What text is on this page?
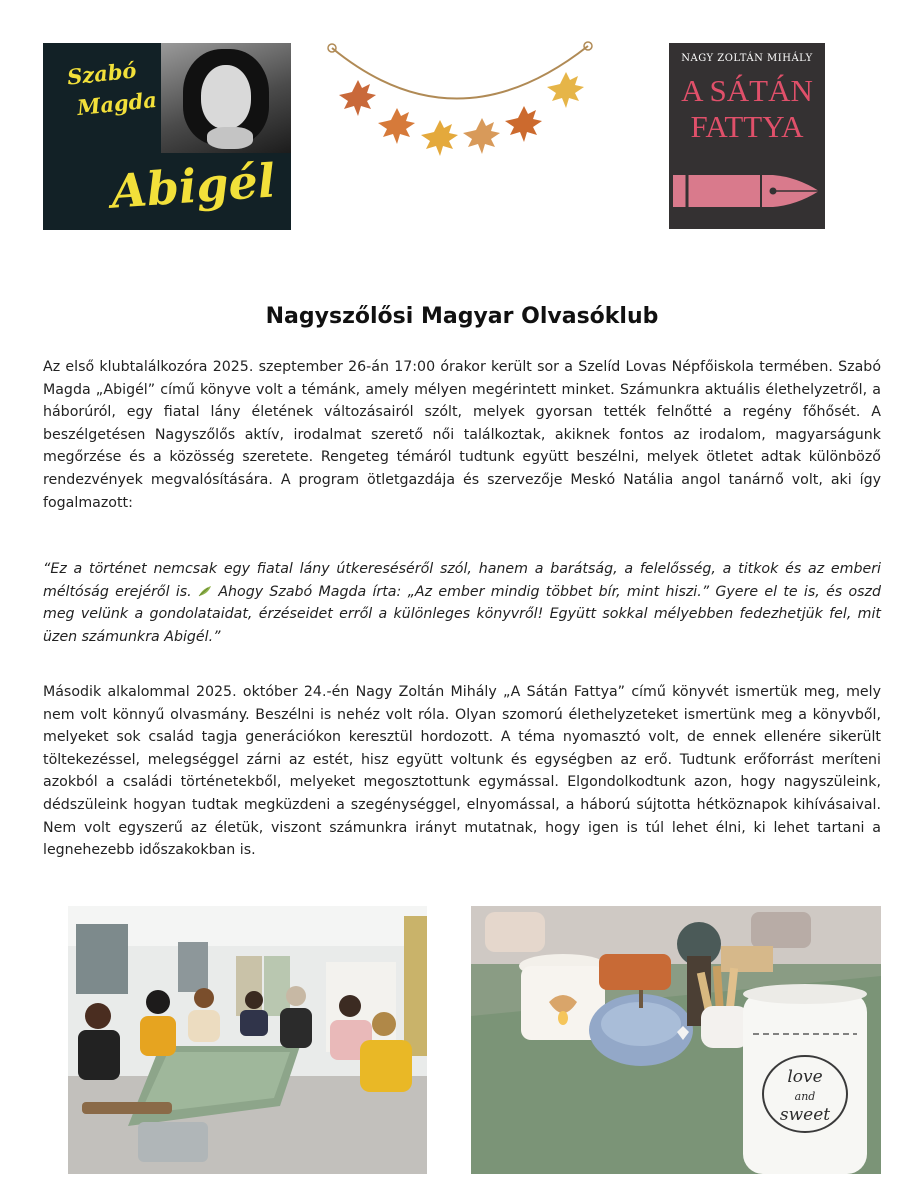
Szabó
Magda
Abigél
NAGY ZOLTÁN MIHÁLY
A SÁTÁN
FATTYA
Nagyszőlősi Magyar Olvasóklub

Az első klubtalálkozóra 2025. szeptember 26-án 17:00 órakor került sor a Szelíd Lovas Népfőiskola termében. Szabó Magda „Abigél” című könyve volt a témánk, amely mélyen megérintett minket. Számunkra aktuális élethelyzetről, a háborúról, egy fiatal lány életének változásairól szólt, melyek gyorsan tették felnőtté a regény főhősét. A beszélgetésen Nagyszőlős aktív, irodalmat szerető női találkoztak, akiknek fontos az irodalom, magyarságunk megőrzése és a közösség szeretete. Rengeteg témáról tudtunk együtt beszélni, melyek ötletet adtak különböző rendezvények megvalósítására. A program ötletgazdája és szervezője Meskó Natália angol tanárnő volt, aki így fogalmazott:

“Ez a történet nemcsak egy fiatal lány útkereséséről szól, hanem a barátság, a felelősség, a titkok és az emberi méltóság erejéről is. Ahogy Szabó Magda írta: „Az ember mindig többet bír, mint hiszi.” Gyere el te is, és oszd meg velünk a gondolataidat, érzéseidet erről a különleges könyvről! Együtt sokkal mélyebben fedezhetjük fel, mit üzen számunkra Abigél.”

Második alkalommal 2025. október 24.-én Nagy Zoltán Mihály „A Sátán Fattya” című könyvét ismertük meg, mely nem volt könnyű olvasmány. Beszélni is nehéz volt róla. Olyan szomorú élethelyzeteket ismertünk meg a könyvből, melyeket sok család tagja generációkon keresztül hordozott. A téma nyomasztó volt, de ennek ellenére sikerült töltekezéssel, melegséggel zárni az estét, hisz együtt voltunk és egységben az erő. Tudtunk erőforrást meríteni azokból a családi történetekből, melyeket megosztottunk egymással. Elgondolkodtunk azon, hogy nagyszüleink, dédszüleink hogyan tudtak megküzdeni a szegénységgel, elnyomással, a háború sújtotta hétköznapok kihívásaival. Nem volt egyszerű az életük, viszont számunkra irányt mutatnak, hogy igen is túl lehet élni, ki lehet tartani a legnehezebb időszakokban is.

love
and
sweet
